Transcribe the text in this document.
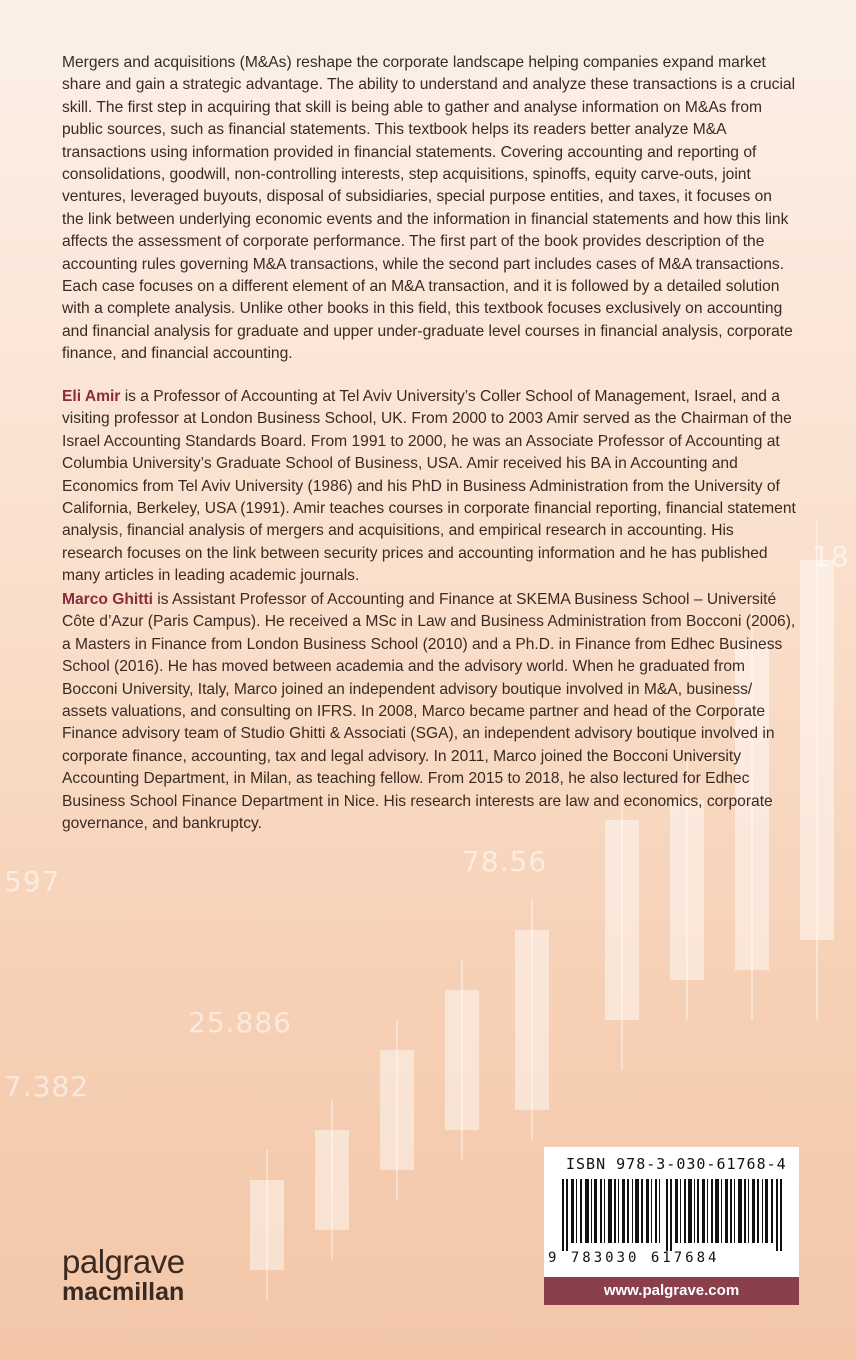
78.56
597
25.886
7.382
18

Mergers and acquisitions (M&As) reshape the corporate landscape helping companies expand market share and gain a strategic advantage. The ability to understand and analyze these transactions is a crucial skill. The first step in acquiring that skill is being able to gather and analyse information on M&As from public sources, such as financial statements. This textbook helps its readers better analyze M&A transactions using information provided in financial statements. Covering accounting and reporting of consolidations, goodwill, non-controlling interests, step acquisitions, spinoffs, equity carve-outs, joint ventures, leveraged buyouts, disposal of subsidiaries, special purpose entities, and taxes, it focuses on the link between underlying economic events and the information in financial statements and how this link affects the assessment of corporate performance. The first part of the book provides description of the accounting rules governing M&A transactions, while the second part includes cases of M&A transactions. Each case focuses on a different element of an M&A transaction, and it is followed by a detailed solution with a complete analysis. Unlike other books in this field, this textbook focuses exclusively on accounting and financial analysis for graduate and upper under-graduate level courses in financial analysis, corporate finance, and financial accounting.

Eli Amir is a Professor of Accounting at Tel Aviv University’s Coller School of Management, Israel, and a visiting professor at London Business School, UK. From 2000 to 2003 Amir served as the Chairman of the Israel Accounting Standards Board. From 1991 to 2000, he was an Associate Professor of Accounting at Columbia University’s Graduate School of Business, USA. Amir received his BA in Accounting and Economics from Tel Aviv University (1986) and his PhD in Business Administration from the University of California, Berkeley, USA (1991). Amir teaches courses in corporate financial reporting, financial statement analysis, financial analysis of mergers and acquisitions, and empirical research in accounting. His research focuses on the link between security prices and accounting information and he has published many articles in leading academic journals.

Marco Ghitti is Assistant Professor of Accounting and Finance at SKEMA Business School – Université Côte d’Azur (Paris Campus). He received a MSc in Law and Business Administration from Bocconi (2006), a Masters in Finance from London Business School (2010) and a Ph.D. in Finance from Edhec Business School (2016). He has moved between academia and the advisory world. When he graduated from Bocconi University, Italy, Marco joined an independent advisory boutique involved in M&A, business/ assets valuations, and consulting on IFRS. In 2008, Marco became partner and head of the Corporate Finance advisory team of Studio Ghitti & Associati (SGA), an independent advisory boutique involved in corporate finance, accounting, tax and legal advisory. In 2011, Marco joined the Bocconi University Accounting Department, in Milan, as teaching fellow. From 2015 to 2018, he also lectured for Edhec Business School Finance Department in Nice. His research interests are law and economics, corporate governance, and bankruptcy.

ISBN 978-3-030-61768-4
9 783030 617684
www.palgrave.com
palgrave
macmillan
